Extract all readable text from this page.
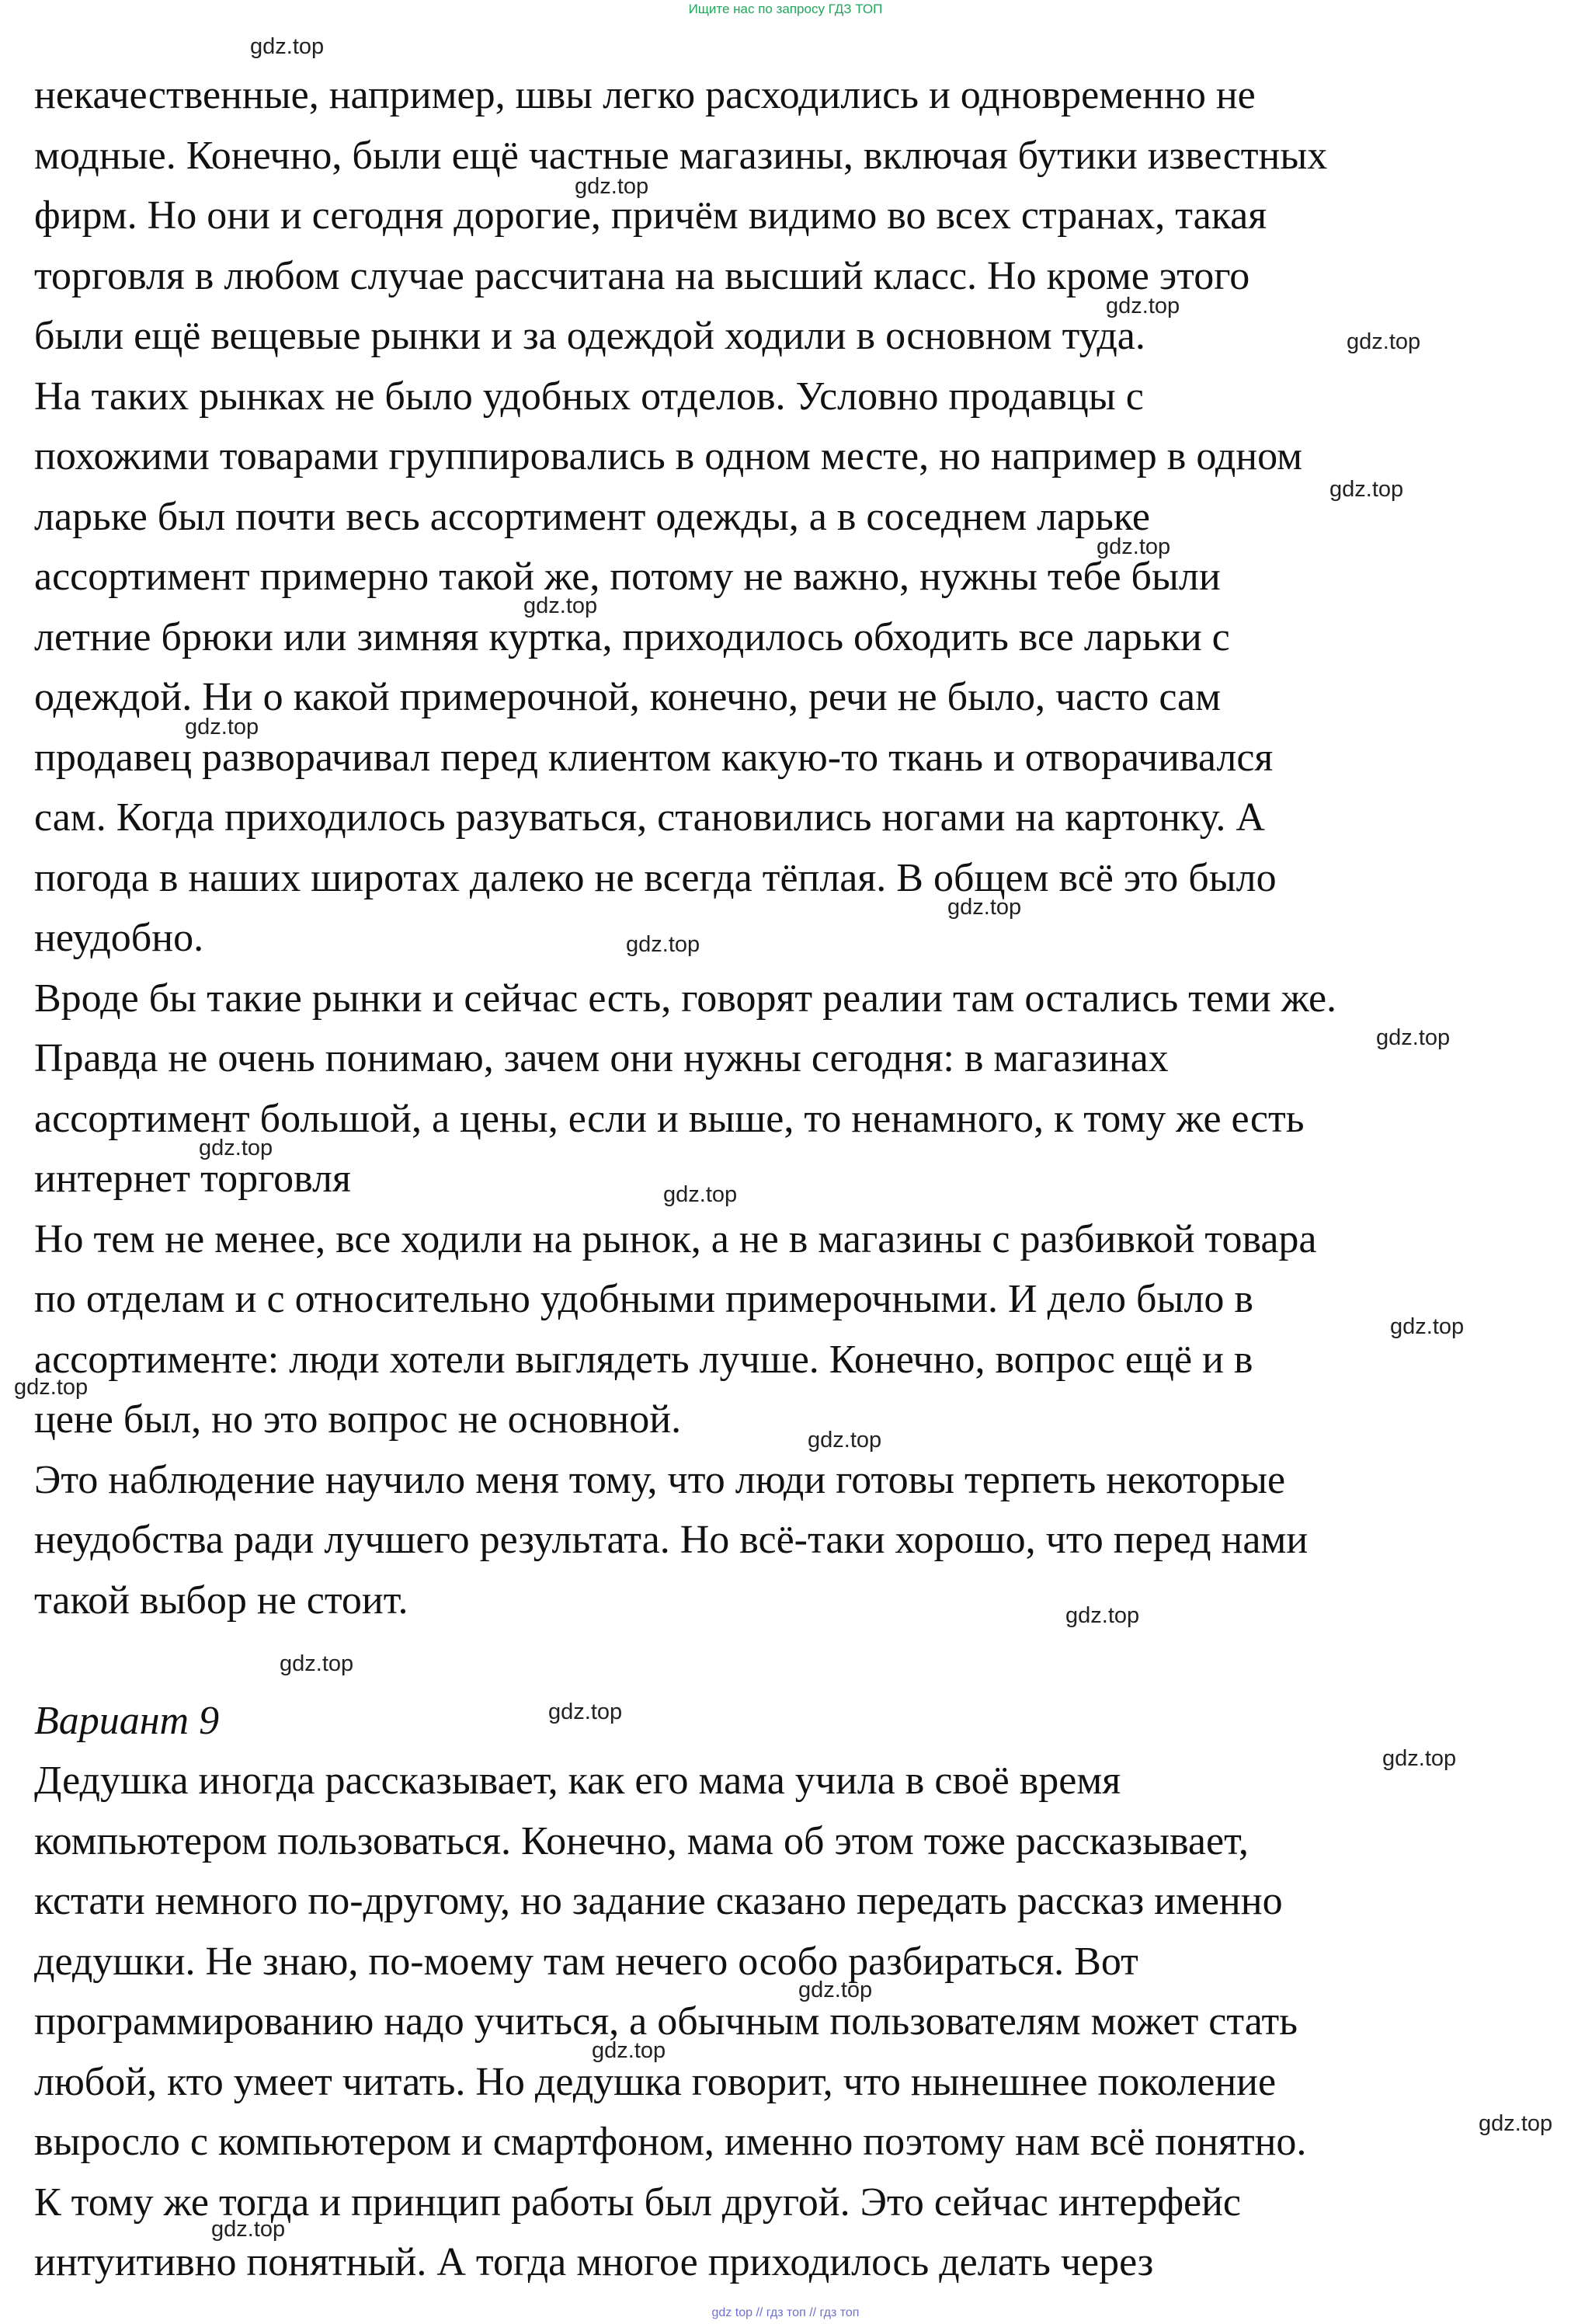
Ищите нас по запросу ГДЗ ТОП
некачественные, например, швы легко расходились и одновременно не
модные. Конечно, были ещё частные магазины, включая бутики известных
фирм. Но они и сегодня дорогие, причём видимо во всех странах, такая
торговля в любом случае рассчитана на высший класс. Но кроме этого
были ещё вещевые рынки и за одеждой ходили в основном туда.
На таких рынках не было удобных отделов. Условно продавцы с
похожими товарами группировались в одном месте, но например в одном
ларьке был почти весь ассортимент одежды, а в соседнем ларьке
ассортимент примерно такой же, потому не важно, нужны тебе были
летние брюки или зимняя куртка, приходилось обходить все ларьки с
одеждой. Ни о какой примерочной, конечно, речи не было, часто сам
продавец разворачивал перед клиентом какую-то ткань и отворачивался
сам. Когда приходилось разуваться, становились ногами на картонку. А
погода в наших широтах далеко не всегда тёплая. В общем всё это было
неудобно.
Вроде бы такие рынки и сейчас есть, говорят реалии там остались теми же.
Правда не очень понимаю, зачем они нужны сегодня: в магазинах
ассортимент большой, а цены, если и выше, то ненамного, к тому же есть
интернет торговля
Но тем не менее, все ходили на рынок, а не в магазины с разбивкой товара
по отделам и с относительно удобными примерочными. И дело было в
ассортименте: люди хотели выглядеть лучше. Конечно, вопрос ещё и в
цене был, но это вопрос не основной.
Это наблюдение научило меня тому, что люди готовы терпеть некоторые
неудобства ради лучшего результата. Но всё-таки хорошо, что перед нами
такой выбор не стоит.
Вариант 9
Дедушка иногда рассказывает, как его мама учила в своё время
компьютером пользоваться. Конечно, мама об этом тоже рассказывает,
кстати немного по-другому, но задание сказано передать рассказ именно
дедушки. Не знаю, по-моему там нечего особо разбираться. Вот
программированию надо учиться, а обычным пользователям может стать
любой, кто умеет читать. Но дедушка говорит, что нынешнее поколение
выросло с компьютером и смартфоном, именно поэтому нам всё понятно.
К тому же тогда и принцип работы был другой. Это сейчас интерфейс
интуитивно понятный. А тогда многое приходилось делать через
gdz.top
gdz.top
gdz.top
gdz.top
gdz.top
gdz.top
gdz.top
gdz.top
gdz.top
gdz.top
gdz.top
gdz.top
gdz.top
gdz.top
gdz.top
gdz.top
gdz.top
gdz.top
gdz.top
gdz.top
gdz.top
gdz.top
gdz.top
gdz.top
gdz top // гдз топ // гдз топ
